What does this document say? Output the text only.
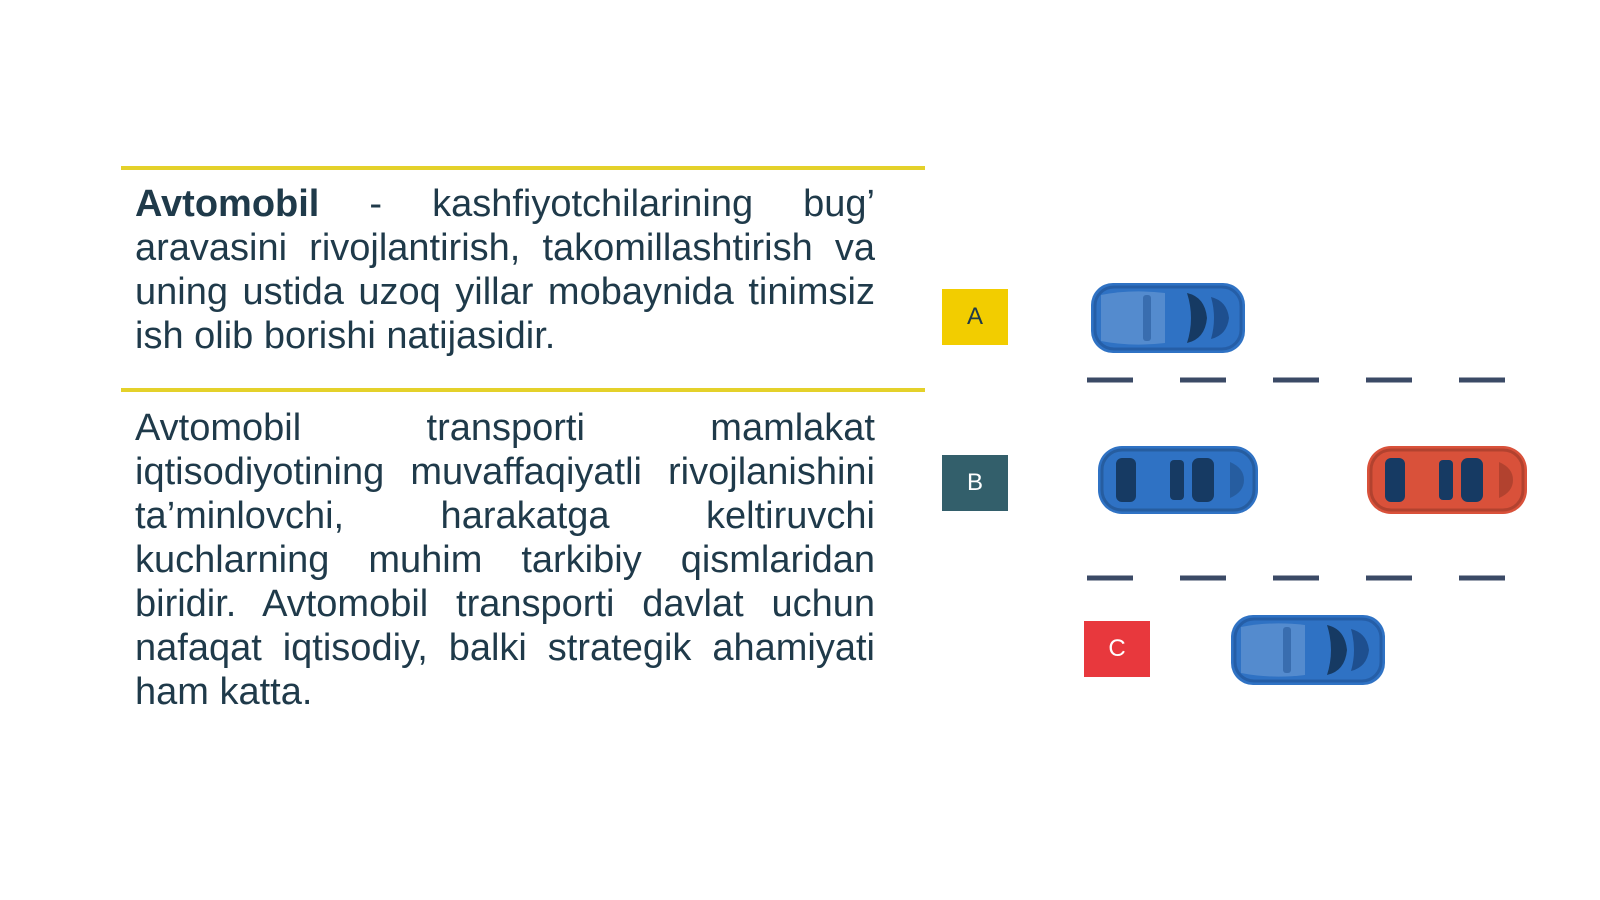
Avtomobil - kashfiyotchilarining bug’ aravasini rivojlantirish, takomillashtirish va uning ustida uzoq yillar mobaynida tinimsiz ish olib borishi natijasidir.
Avtomobil transporti mamlakat iqtisodiyotining muvaffaqiyatli rivojlanishini ta’minlovchi, harakatga keltiruvchi kuchlarning muhim tarkibiy qismlaridan biridir. Avtomobil transporti davlat uchun nafaqat iqtisodiy, balki strategik ahamiyati ham katta.
A
B
C
